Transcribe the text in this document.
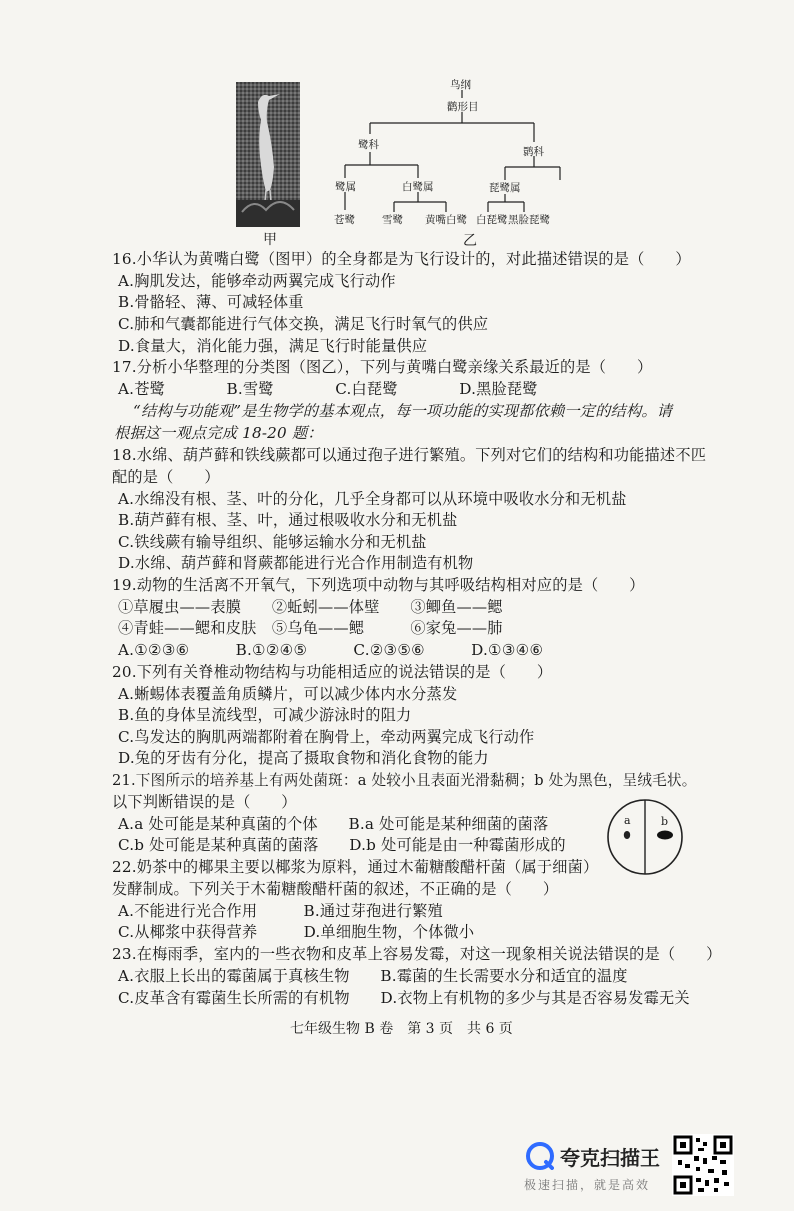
甲
鸟纲
鹳形目
鹭科
鹮科
鹭属	白鹭属	琵鹭属
苍鹭	雪鹭 黄嘴白鹭 白琵鹭 黑脸琵鹭
乙
16.小华认为黄嘴白鹭（图甲）的全身都是为飞行设计的，对此描述错误的是（　　）
A.胸肌发达，能够牵动两翼完成飞行动作
B.骨骼轻、薄、可减轻体重
C.肺和气囊都能进行气体交换，满足飞行时氧气的供应
D.食量大，消化能力强，满足飞行时能量供应
17.分析小华整理的分类图（图乙），下列与黄嘴白鹭亲缘关系最近的是（　　）
A.苍鹭　　　　B.雪鹭　　　　C.白琵鹭　　　　D.黑脸琵鹭
“结构与功能观”是生物学的基本观点，每一项功能的实现都依赖一定的结构。请
根据这一观点完成 18-20 题：
18.水绵、葫芦藓和铁线蕨都可以通过孢子进行繁殖。下列对它们的结构和功能描述不匹
配的是（　　）
A.水绵没有根、茎、叶的分化，几乎全身都可以从环境中吸收水分和无机盐
B.葫芦藓有根、茎、叶，通过根吸收水分和无机盐
C.铁线蕨有输导组织、能够运输水分和无机盐
D.水绵、葫芦藓和肾蕨都能进行光合作用制造有机物
19.动物的生活离不开氧气，下列选项中动物与其呼吸结构相对应的是（　　）
①草履虫——表膜　　②蚯蚓——体壁　　③鲫鱼——鳃
④青蛙——鳃和皮肤　⑤乌龟——鳃　　　⑥家兔——肺
A.①②③⑥　　　B.①②④⑤　　　C.②③⑤⑥　　　D.①③④⑥
20.下列有关脊椎动物结构与功能相适应的说法错误的是（　　）
A.蜥蜴体表覆盖角质鳞片，可以减少体内水分蒸发
B.鱼的身体呈流线型，可减少游泳时的阻力
C.鸟发达的胸肌两端都附着在胸骨上，牵动两翼完成飞行动作
D.兔的牙齿有分化，提高了摄取食物和消化食物的能力
21.下图所示的培养基上有两处菌斑：a 处较小且表面光滑黏稠；b 处为黑色，呈绒毛状。
以下判断错误的是（　　）
A.a 处可能是某种真菌的个体　　B.a 处可能是某种细菌的菌落
C.b 处可能是某种真菌的菌落　　D.b 处可能是由一种霉菌形成的
22.奶茶中的椰果主要以椰浆为原料，通过木葡糖酸醋杆菌（属于细菌）
发酵制成。下列关于木葡糖酸醋杆菌的叙述，不正确的是（　　）
A.不能进行光合作用　　　B.通过芽孢进行繁殖
C.从椰浆中获得营养　　　D.单细胞生物，个体微小
23.在梅雨季，室内的一些衣物和皮革上容易发霉，对这一现象相关说法错误的是（　　）
A.衣服上长出的霉菌属于真核生物　　B.霉菌的生长需要水分和适宜的温度
C.皮革含有霉菌生长所需的有机物　　D.衣物上有机物的多少与其是否容易发霉无关
a	b
七年级生物 B 卷　第 3 页　共 6 页
夸克扫描王
极速扫描，就是高效
